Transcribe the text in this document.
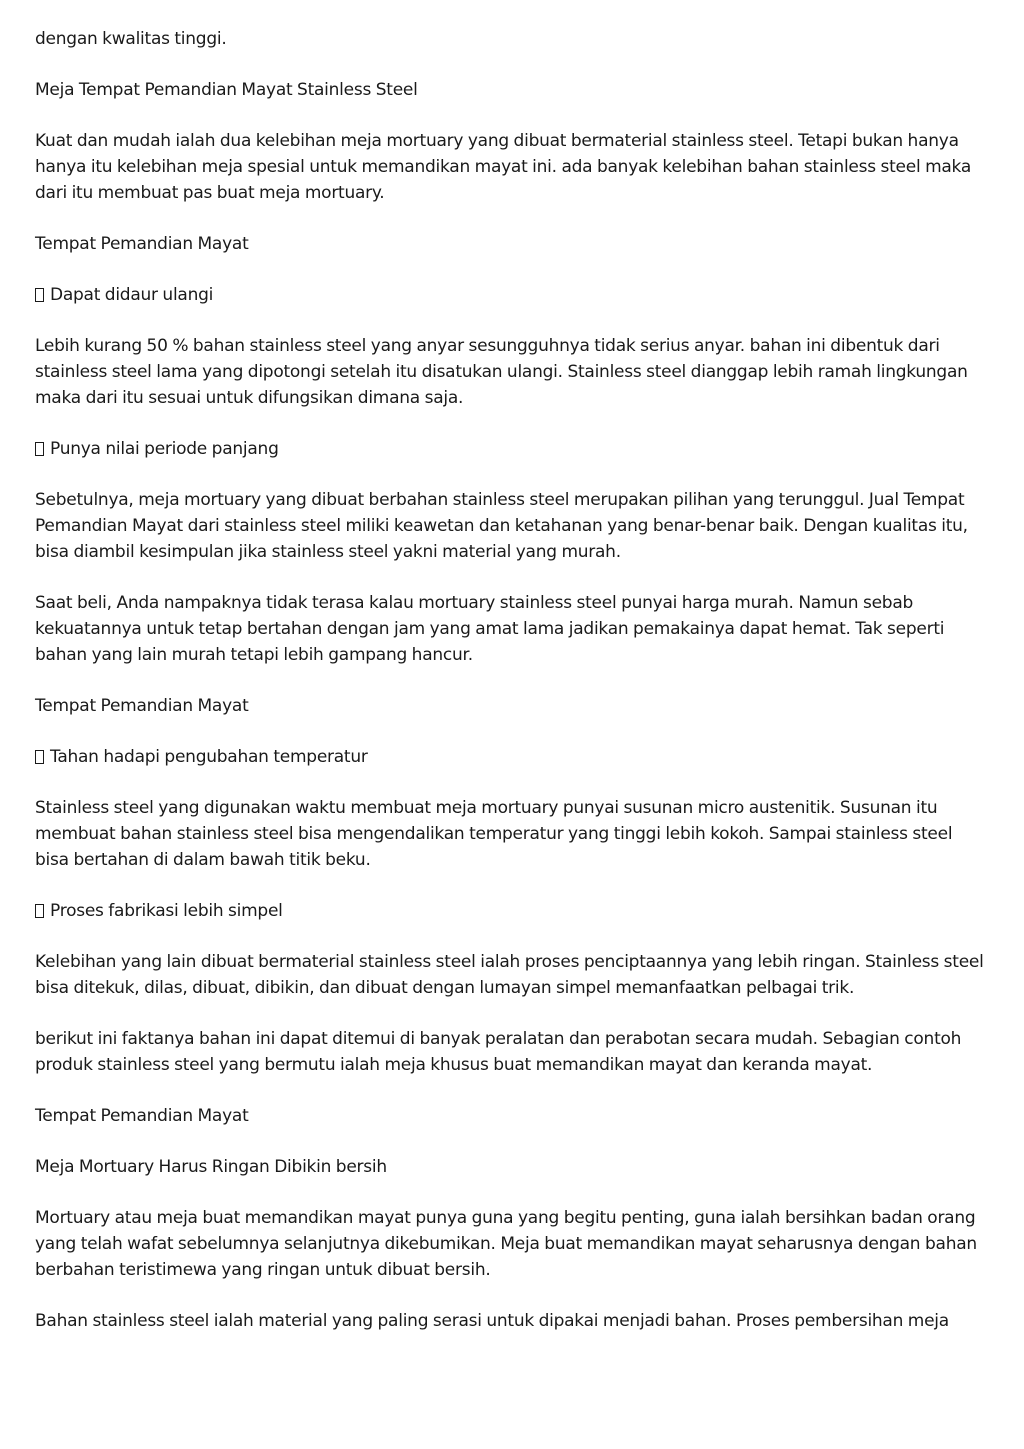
dengan kwalitas tinggi.

Meja Tempat Pemandian Mayat Stainless Steel

Kuat dan mudah ialah dua kelebihan meja mortuary yang dibuat bermaterial stainless steel. Tetapi bukan hanya hanya itu kelebihan meja spesial untuk memandikan mayat ini. ada banyak kelebihan bahan stainless steel maka dari itu membuat pas buat meja mortuary.

Tempat Pemandian Mayat

Dapat didaur ulangi

Lebih kurang 50 % bahan stainless steel yang anyar sesungguhnya tidak serius anyar. bahan ini dibentuk dari stainless steel lama yang dipotongi setelah itu disatukan ulangi. Stainless steel dianggap lebih ramah lingkungan maka dari itu sesuai untuk difungsikan dimana saja.

Punya nilai periode panjang

Sebetulnya, meja mortuary yang dibuat berbahan stainless steel merupakan pilihan yang terunggul. Jual Tempat Pemandian Mayat dari stainless steel miliki keawetan dan ketahanan yang benar-benar baik. Dengan kualitas itu, bisa diambil kesimpulan jika stainless steel yakni material yang murah.

Saat beli, Anda nampaknya tidak terasa kalau mortuary stainless steel punyai harga murah. Namun sebab kekuatannya untuk tetap bertahan dengan jam yang amat lama jadikan pemakainya dapat hemat. Tak seperti bahan yang lain murah tetapi lebih gampang hancur.

Tempat Pemandian Mayat

Tahan hadapi pengubahan temperatur

Stainless steel yang digunakan waktu membuat meja mortuary punyai susunan micro austenitik. Susunan itu membuat bahan stainless steel bisa mengendalikan temperatur yang tinggi lebih kokoh. Sampai stainless steel bisa bertahan di dalam bawah titik beku.

Proses fabrikasi lebih simpel

Kelebihan yang lain dibuat bermaterial stainless steel ialah proses penciptaannya yang lebih ringan. Stainless steel bisa ditekuk, dilas, dibuat, dibikin, dan dibuat dengan lumayan simpel memanfaatkan pelbagai trik.

berikut ini faktanya bahan ini dapat ditemui di banyak peralatan dan perabotan secara mudah. Sebagian contoh produk stainless steel yang bermutu ialah meja khusus buat memandikan mayat dan keranda mayat.

Tempat Pemandian Mayat

Meja Mortuary Harus Ringan Dibikin bersih

Mortuary atau meja buat memandikan mayat punya guna yang begitu penting, guna ialah bersihkan badan orang yang telah wafat sebelumnya selanjutnya dikebumikan. Meja buat memandikan mayat seharusnya dengan bahan berbahan teristimewa yang ringan untuk dibuat bersih.

Bahan stainless steel ialah material yang paling serasi untuk dipakai menjadi bahan. Proses pembersihan meja
